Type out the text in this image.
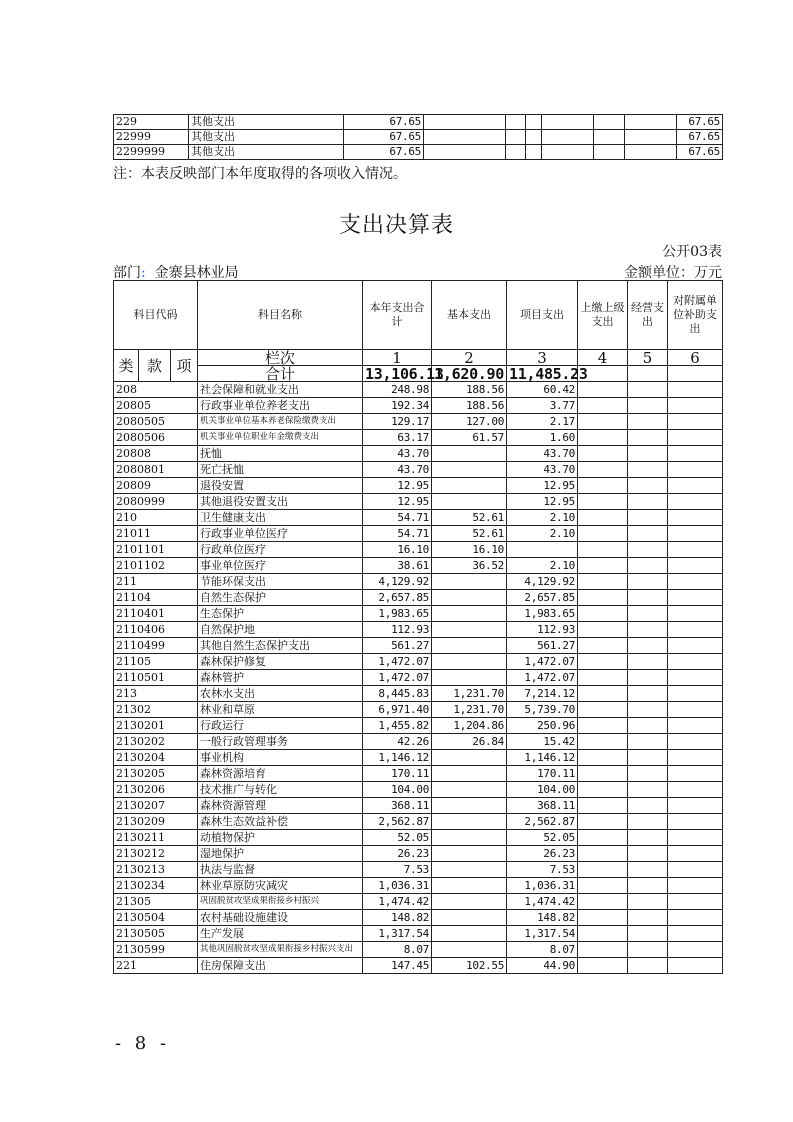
229	其他支出	67.65							67.65
22999	其他支出	67.65							67.65
2299999	其他支出	67.65							67.65
注：本表反映部门本年度取得的各项收入情况。
支出决算表
公开03表
部门: 金寨县林业局	金额单位：万元
科目代码			科目名称	本年支出合计	基本支出	项目支出	上缴上级支出	经营支出	对附属单位补助支出
类	款	项	栏次	1	2	3	4	5	6
			合计	13,106.13	1,620.90	11,485.23			
208			社会保障和就业支出	248.98	188.56	60.42			
20805			行政事业单位养老支出	192.34	188.56	3.77			
2080505			机关事业单位基本养老保险缴费支出	129.17	127.00	2.17			
2080506			机关事业单位职业年金缴费支出	63.17	61.57	1.60			
20808			抚恤	43.70		43.70			
2080801			死亡抚恤	43.70		43.70			
20809			退役安置	12.95		12.95			
2080999			其他退役安置支出	12.95		12.95			
210			卫生健康支出	54.71	52.61	2.10			
21011			行政事业单位医疗	54.71	52.61	2.10			
2101101			行政单位医疗	16.10	16.10				
2101102			事业单位医疗	38.61	36.52	2.10			
211			节能环保支出	4,129.92		4,129.92			
21104			自然生态保护	2,657.85		2,657.85			
2110401			生态保护	1,983.65		1,983.65			
2110406			自然保护地	112.93		112.93			
2110499			其他自然生态保护支出	561.27		561.27			
21105			森林保护修复	1,472.07		1,472.07			
2110501			森林管护	1,472.07		1,472.07			
213			农林水支出	8,445.83	1,231.70	7,214.12			
21302			林业和草原	6,971.40	1,231.70	5,739.70			
2130201			行政运行	1,455.82	1,204.86	250.96			
2130202			一般行政管理事务	42.26	26.84	15.42			
2130204			事业机构	1,146.12		1,146.12			
2130205			森林资源培育	170.11		170.11			
2130206			技术推广与转化	104.00		104.00			
2130207			森林资源管理	368.11		368.11			
2130209			森林生态效益补偿	2,562.87		2,562.87			
2130211			动植物保护	52.05		52.05			
2130212			湿地保护	26.23		26.23			
2130213			执法与监督	7.53		7.53			
2130234			林业草原防灾减灾	1,036.31		1,036.31			
21305			巩固脱贫攻坚成果衔接乡村振兴	1,474.42		1,474.42			
2130504			农村基础设施建设	148.82		148.82			
2130505			生产发展	1,317.54		1,317.54			
2130599			其他巩固脱贫攻坚成果衔接乡村振兴支出	8.07		8.07			
221			住房保障支出	147.45	102.55	44.90			
- 8 -
